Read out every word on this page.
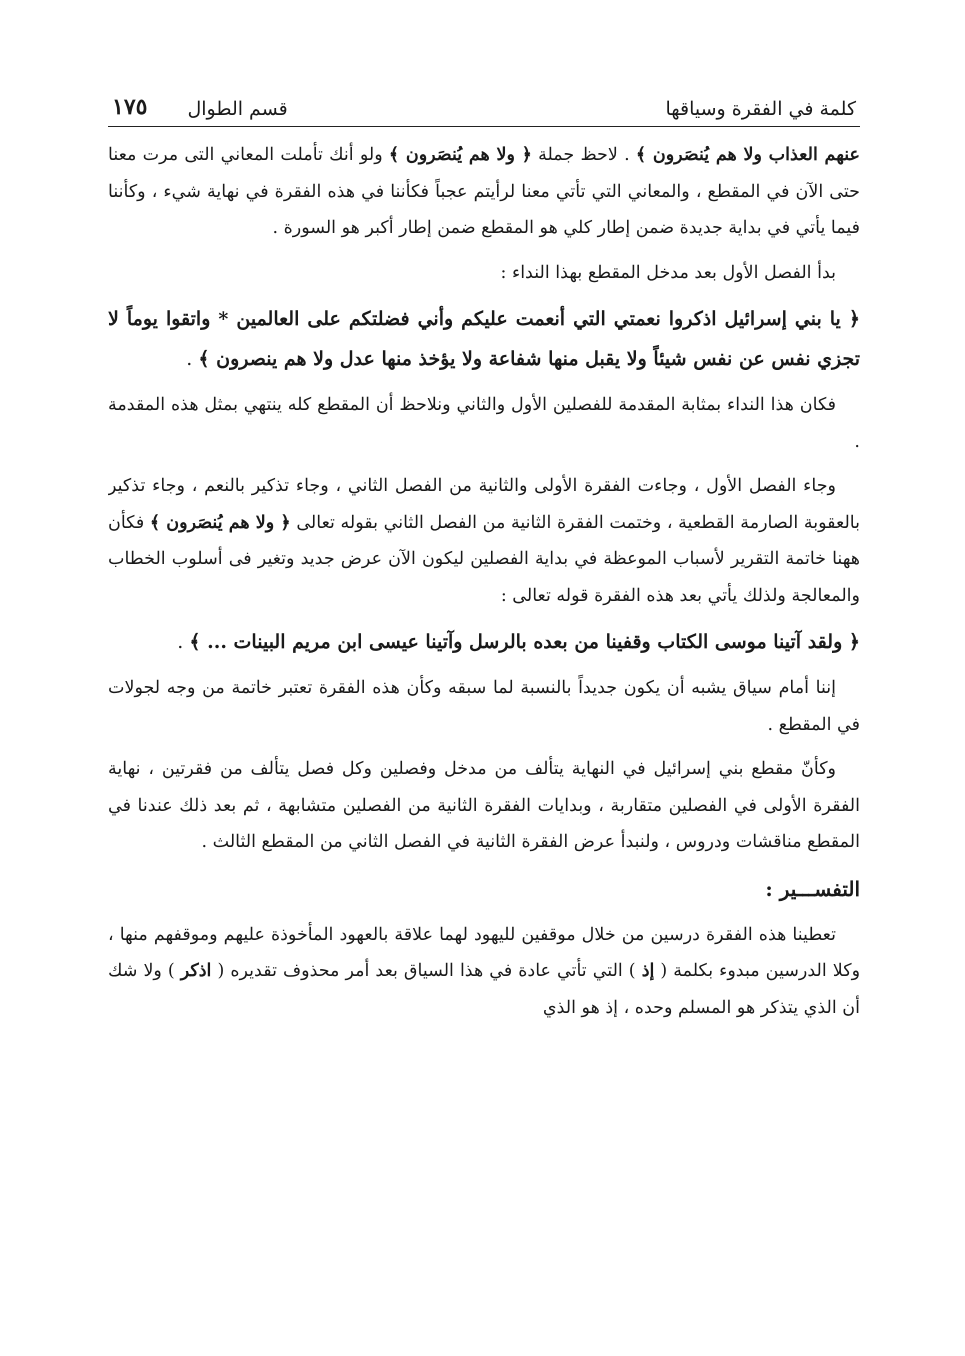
كلمة في الفقرة وسياقها
قسم الطوال
١٧٥

عنهم العذاب ولا هم يُنصَرون ﴾ . لاحظ جملة ﴿ ولا هم يُنصَرون ﴾ ولو أنك تأملت المعاني التى مرت معنا حتى الآن في المقطع ، والمعاني التي تأتي معنا لرأيتم عجباً فكأننا في هذه الفقرة في نهاية شيء ، وكأننا فيما يأتي في بداية جديدة ضمن إطار كلي هو المقطع ضمن إطار أكبر هو السورة .

بدأ الفصل الأول بعد مدخل المقطع بهذا النداء :

﴿ يا بني إسرائيل اذكروا نعمتي التي أنعمت عليكم وأني فضلتكم على العالمين * واتقوا يوماً لا تجزي نفس عن نفس شيئاً ولا يقبل منها شفاعة ولا يؤخذ منها عدل ولا هم ينصرون ﴾ .

فكان هذا النداء بمثابة المقدمة للفصلين الأول والثاني ونلاحظ أن المقطع كله ينتهي بمثل هذه المقدمة .

وجاء الفصل الأول ، وجاءت الفقرة الأولى والثانية من الفصل الثاني ، وجاء تذكير بالنعم ، وجاء تذكير بالعقوبة الصارمة القطعية ، وختمت الفقرة الثانية من الفصل الثاني بقوله تعالى ﴿ ولا هم يُنصَرون ﴾ فكأن ههنا خاتمة التقرير لأسباب الموعظة في بداية الفصلين ليكون الآن عرض جديد وتغير فى أسلوب الخطاب والمعالجة ولذلك يأتي بعد هذه الفقرة قوله تعالى :

﴿ ولقد آتينا موسى الكتاب وقفينا من بعده بالرسل وآتينا عيسى ابن مريم البينات ... ﴾ .

إننا أمام سياق يشبه أن يكون جديداً بالنسبة لما سبقه وكأن هذه الفقرة تعتبر خاتمة من وجه لجولات في المقطع .

وكأنّ مقطع بني إسرائيل في النهاية يتألف من مدخل وفصلين وكل فصل يتألف من فقرتين ، نهاية الفقرة الأولى في الفصلين متقاربة ، وبدايات الفقرة الثانية من الفصلين متشابهة ، ثم بعد ذلك عندنا في المقطع مناقشات ودروس ، ولنبدأ عرض الفقرة الثانية في الفصل الثاني من المقطع الثالث .

التفســـير :

تعطينا هذه الفقرة درسين من خلال موقفين لليهود لهما علاقة بالعهود المأخوذة عليهم وموقفهم منها ، وكلا الدرسين مبدوء بكلمة ( إذ ) التي تأتي عادة في هذا السياق بعد أمر محذوف تقديره ( اذكر ) ولا شك أن الذي يتذكر هو المسلم وحده ، إذ هو الذي
